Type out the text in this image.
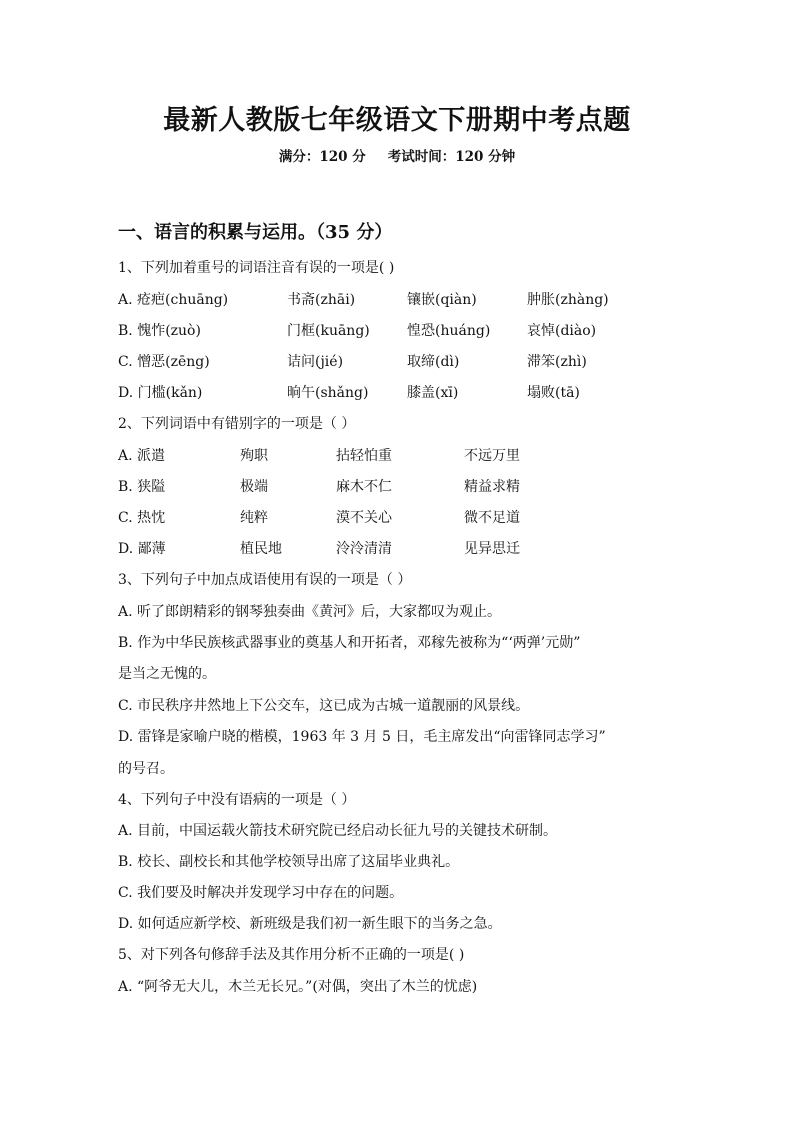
最新人教版七年级语文下册期中考点题
满分：120 分 考试时间：120 分钟
一、语言的积累与运用。（35 分）
1、下列加着重号的词语注音有误的一项是( )
A. 疮疤(chuāng)	书斋(zhāi)	镶嵌(qiàn)	肿胀(zhàng)
B. 愧怍(zuò)	门框(kuāng)	惶恐(huáng)	哀悼(diào)
C. 憎恶(zēng)	诘问(jié)	取缔(dì)	滞笨(zhì)
D. 门槛(kǎn)	晌午(shǎng)	膝盖(xī)	塌败(tā)
2、下列词语中有错别字的一项是（ ）
A. 派遣	殉职	拈轻怕重	不远万里
B. 狭隘	极端	麻木不仁	精益求精
C. 热忱	纯粹	漠不关心	微不足道
D. 鄙薄	植民地	泠泠清清	见异思迁
3、下列句子中加点成语使用有误的一项是（ ）
A. 听了郎朗精彩的钢琴独奏曲《黄河》后，大家都叹为观止。
B. 作为中华民族核武器事业的奠基人和开拓者，邓稼先被称为“‘两弹’元勋”
是当之无愧的。
C. 市民秩序井然地上下公交车，这已成为古城一道靓丽的风景线。
D. 雷锋是家喻户晓的楷模，1963 年 3 月 5 日，毛主席发出“向雷锋同志学习”
的号召。
4、下列句子中没有语病的一项是（ ）
A. 目前，中国运载火箭技术研究院已经启动长征九号的关键技术研制。
B. 校长、副校长和其他学校领导出席了这届毕业典礼。
C. 我们要及时解决并发现学习中存在的问题。
D. 如何适应新学校、新班级是我们初一新生眼下的当务之急。
5、对下列各句修辞手法及其作用分析不正确的一项是( )
A. “阿爷无大儿，木兰无长兄。”(对偶，突出了木兰的忧虑)
